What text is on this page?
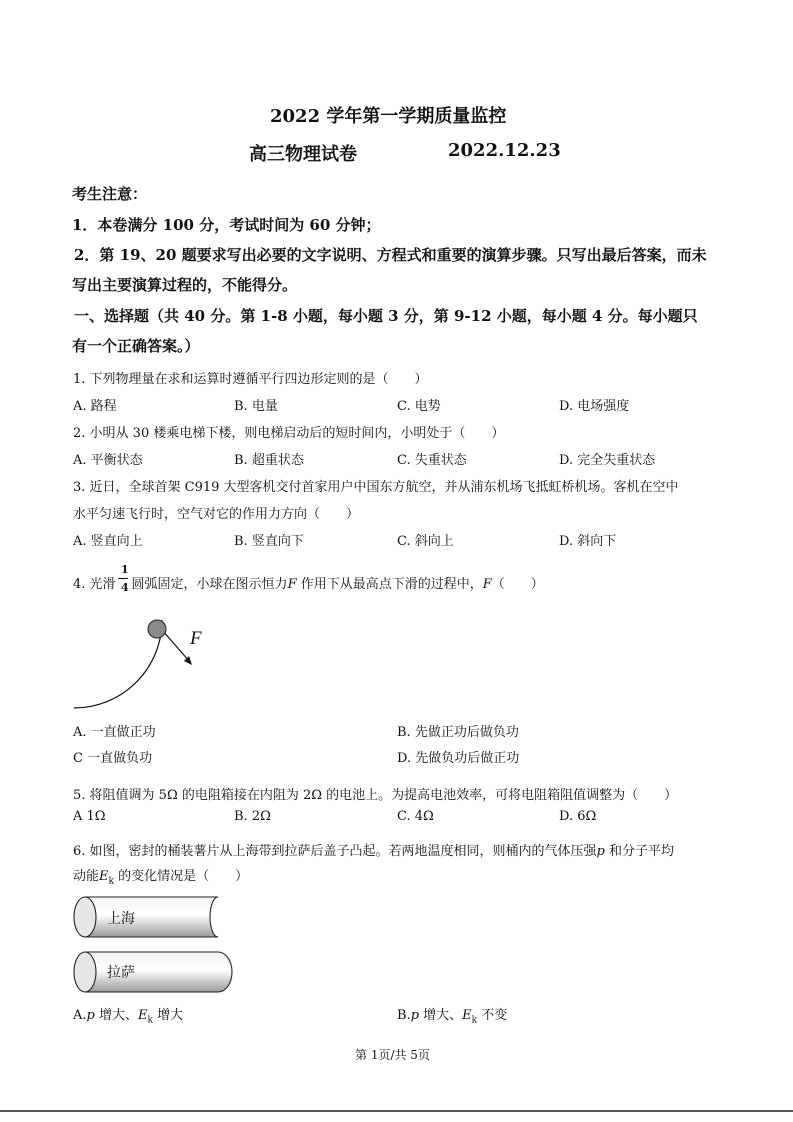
2022 学年第一学期质量监控
高三物理试卷	2022.12.23
考生注意：
1．本卷满分 100 分，考试时间为 60 分钟；
2．第 19、20 题要求写出必要的文字说明、方程式和重要的演算步骤。只写出最后答案，而未
写出主要演算过程的，不能得分。
一、选择题（共 40 分。第 1-8 小题，每小题 3 分，第 9-12 小题，每小题 4 分。每小题只
有一个正确答案。）
1. 下列物理量在求和运算时遵循平行四边形定则的是（　　）
A. 路程	B. 电量	C. 电势	D. 电场强度
2. 小明从 30 楼乘电梯下楼，则电梯启动后的短时间内，小明处于（　　）
A. 平衡状态	B. 超重状态	C. 失重状态	D. 完全失重状态
3. 近日，全球首架 C919 大型客机交付首家用户中国东方航空，并从浦东机场飞抵虹桥机场。客机在空中
水平匀速飞行时，空气对它的作用力方向（　　）
A. 竖直向上	B. 竖直向下	C. 斜向上	D. 斜向下
4. 光滑 圆弧固定，小球在图示恒力F 作用下从最高点下滑的过程中，F（　　）
1
4
F
A. 一直做正功	B. 先做正功后做负功
C 一直做负功	D. 先做负功后做正功
5. 将阻值调为 5Ω 的电阻箱接在内阻为 2Ω 的电池上。为提高电池效率，可将电阻箱阻值调整为（　　）
A 1Ω	B. 2Ω	C. 4Ω	D. 6Ω
6. 如图，密封的桶装薯片从上海带到拉萨后盖子凸起。若两地温度相同，则桶内的气体压强p 和分子平均
动能$E_k$ 的变化情况是（　　）
上海
拉萨
A.p 增大、$E_k$ 增大	B.p 增大、$E_k$ 不变
第 1页/共 5页
